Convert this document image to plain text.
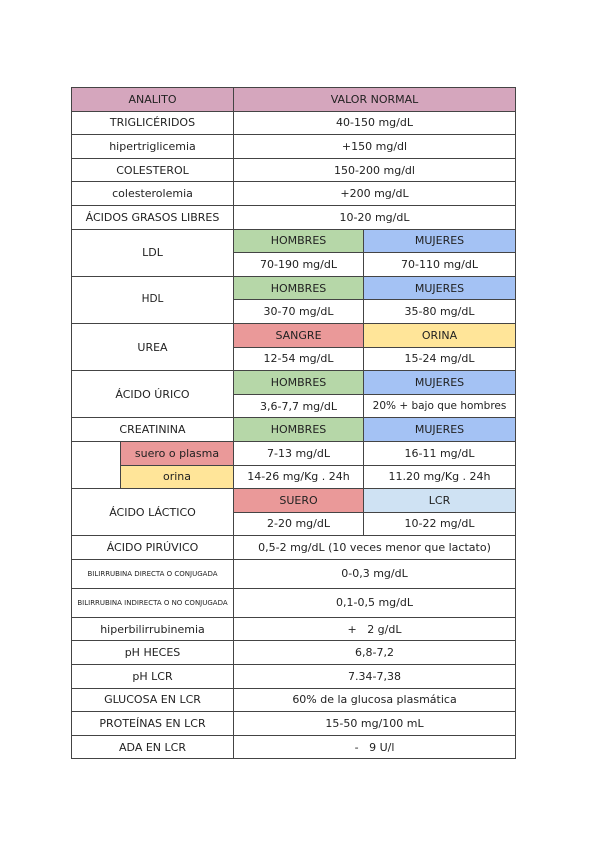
ANALITO		VALOR NORMAL	
TRIGLICÉRIDOS		40-150 mg/dL	
hipertriglicemia		+150 mg/dl	
COLESTEROL		150-200 mg/dl	
colesterolemia		+200 mg/dL	
ÁCIDOS GRASOS LIBRES		10-20 mg/dL	
LDL		HOMBRES	MUJERES
		70-190 mg/dL	70-110 mg/dL
HDL		HOMBRES	MUJERES
		30-70 mg/dL	35-80 mg/dL
UREA		SANGRE	ORINA
		12-54 mg/dL	15-24 mg/dL
ÁCIDO ÚRICO		HOMBRES	MUJERES
		3,6-7,7 mg/dL	20% + bajo que hombres
CREATININA		HOMBRES	MUJERES
	suero o plasma	7-13 mg/dL	16-11 mg/dL
	orina	14-26 mg/Kg . 24h	11.20 mg/Kg . 24h
ÁCIDO LÁCTICO		SUERO	LCR
		2-20 mg/dL	10-22 mg/dL
ÁCIDO PIRÚVICO		0,5-2 mg/dL (10 veces menor que lactato)	
BILIRRUBINA DIRECTA O CONJUGADA		0-0,3 mg/dL	
BILIRRUBINA INDIRECTA O NO CONJUGADA		0,1-0,5 mg/dL	
hiperbilirrubinemia		+   2 g/dL	
pH HECES		6,8-7,2	
pH LCR		7.34-7,38	
GLUCOSA EN LCR		60% de la glucosa plasmática	
PROTEÍNAS EN LCR		15-50 mg/100 mL	
ADA EN LCR		-   9 U/l	
